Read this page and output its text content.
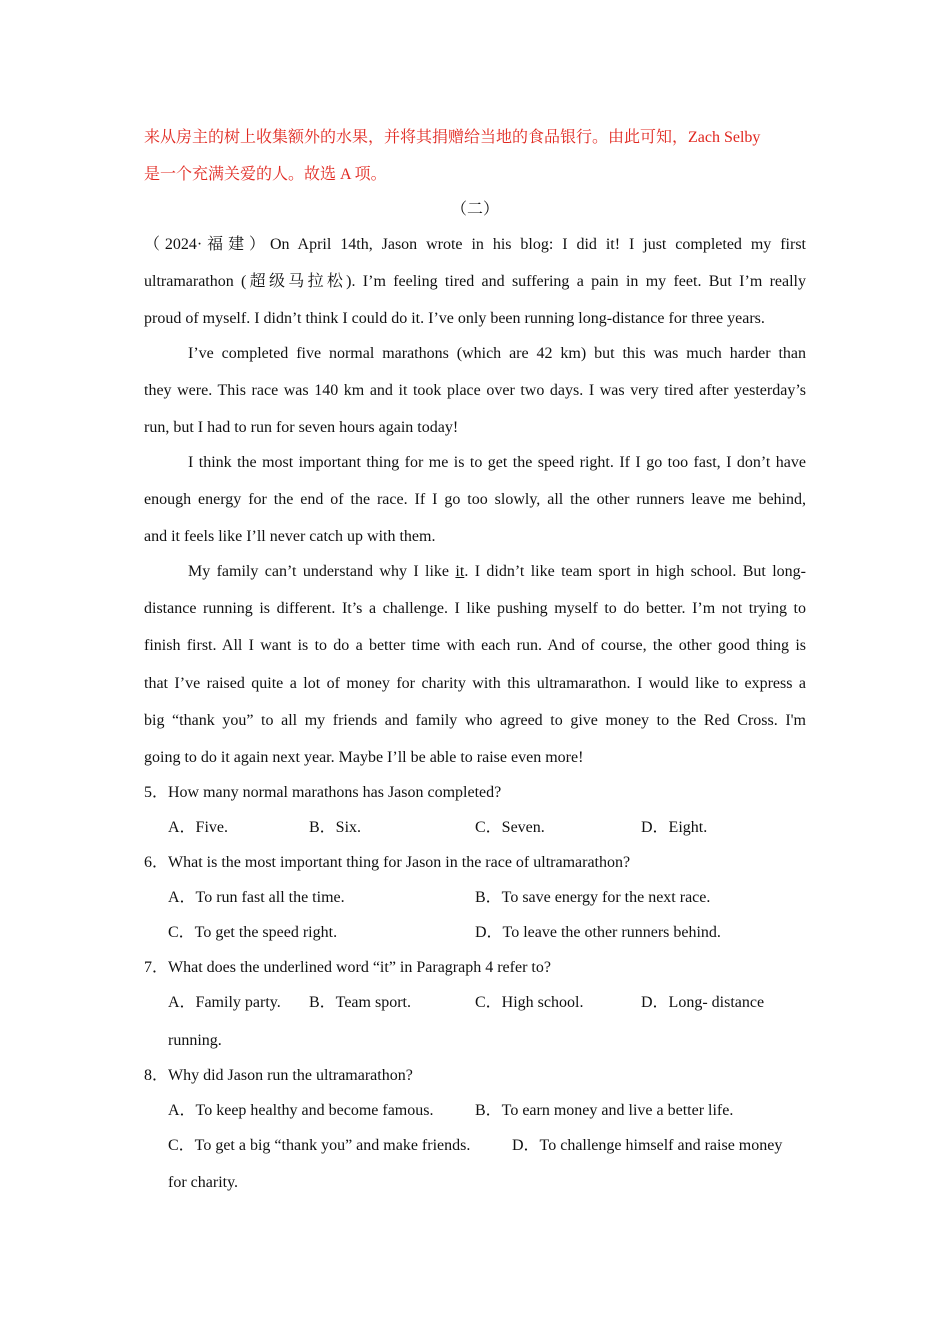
来从房主的树上收集额外的水果，并将其捐赠给当地的食品银行。由此可知，Zach Selby
是一个充满关爱的人。故选 A 项。
（二）
（2024·福建）On April 14th, Jason wrote in his blog: I did it! I just completed my first
ultramarathon (超级马拉松). I’m feeling tired and suffering a pain in my feet. But I’m really
proud of myself. I didn’t think I could do it. I’ve only been running long-distance for three years.
I’ve completed five normal marathons (which are 42 km) but this was much harder than
they were. This race was 140 km and it took place over two days. I was very tired after yesterday’s
run, but I had to run for seven hours again today!
I think the most important thing for me is to get the speed right. If I go too fast, I don’t have
enough energy for the end of the race. If I go too slowly, all the other runners leave me behind,
and it feels like I’ll never catch up with them.
My family can’t understand why I like it. I didn’t like team sport in high school. But long-
distance running is different. It’s a challenge. I like pushing myself to do better. I’m not trying to
finish first. All I want is to do a better time with each run. And of course, the other good thing is
that I’ve raised quite a lot of money for charity with this ultramarathon. I would like to express a
big “thank you” to all my friends and family who agreed to give money to the Red Cross. I'm
going to do it again next year. Maybe I’ll be able to raise even more!
5．How many normal marathons has Jason completed?
A．Five.	B．Six.	C．Seven.	D．Eight.
6．What is the most important thing for Jason in the race of ultramarathon?
A．To run fast all the time.	B．To save energy for the next race.
C．To get the speed right.	D．To leave the other runners behind.
7．What does the underlined word “it” in Paragraph 4 refer to?
A．Family party. B．Team sport.	C．High school.	D．Long- distance
running.
8．Why did Jason run the ultramarathon?
A．To keep healthy and become famous.	B．To earn money and live a better life.
C．To get a big “thank you” and make friends.	D．To challenge himself and raise money
for charity.
